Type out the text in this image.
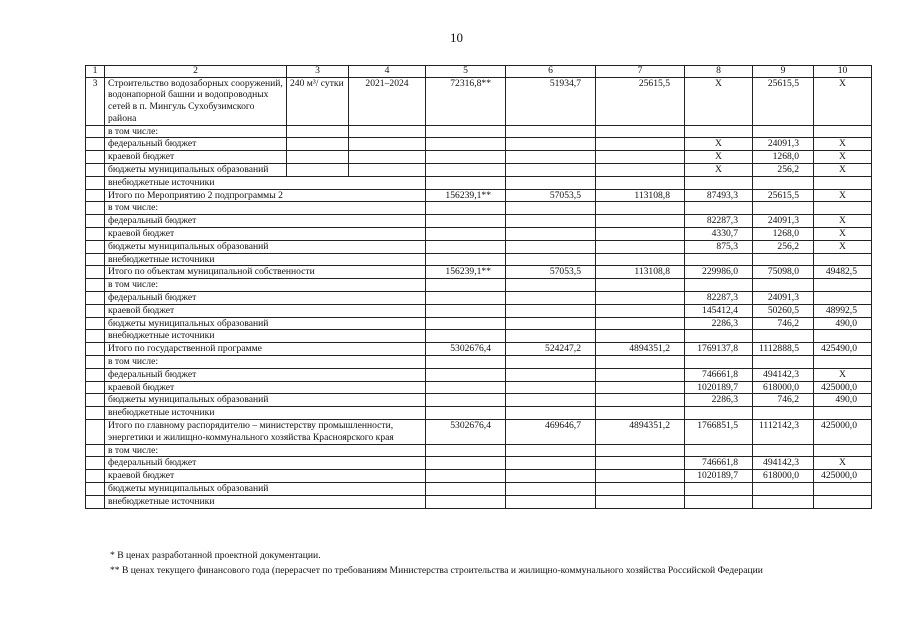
10
1	2	3	4	5	6	7	8	9	10
3	Строительство водозаборных сооружений, водонапорной башни и водопроводных сетей в п. Мингуль Сухобузимского района	240 м³/ сутки	2021–2024	72316,8**	51934,7	25615,5	X	25615,5	X
	в том числе:								
	федеральный бюджет						X	24091,3	X
	краевой бюджет						X	1268,0	X
	бюджеты муниципальных образований						X	256,2	X
	внебюджетные источники								
	Итого по Мероприятию 2 подпрограммы 2			156239,1**	57053,5	113108,8	87493,3	25615,5	X
	в том числе:								
	федеральный бюджет						82287,3	24091,3	X
	краевой бюджет						4330,7	1268,0	X
	бюджеты муниципальных образований						875,3	256,2	X
	внебюджетные источники								
	Итого по объектам муниципальной собственности			156239,1**	57053,5	113108,8	229986,0	75098,0	49482,5
	в том числе:								
	федеральный бюджет						82287,3	24091,3	
	краевой бюджет						145412,4	50260,5	48992,5
	бюджеты муниципальных образований						2286,3	746,2	490,0
	внебюджетные источники								
	Итого по государственной программе			5302676,4	524247,2	4894351,2	1769137,8	1112888,5	425490,0
	в том числе:								
	федеральный бюджет						746661,8	494142,3	X
	краевой бюджет						1020189,7	618000,0	425000,0
	бюджеты муниципальных образований						2286,3	746,2	490,0
	внебюджетные источники								
	Итого по главному распорядителю – министерству промышленности, энергетики и жилищно-коммунального хозяйства Красноярского края			5302676,4	469646,7	4894351,2	1766851,5	1112142,3	425000,0
	в том числе:								
	федеральный бюджет						746661,8	494142,3	X
	краевой бюджет						1020189,7	618000,0	425000,0
	бюджеты муниципальных образований								
	внебюджетные источники								
* В ценах разработанной проектной документации.
** В ценах текущего финансового года (перерасчет по требованиям Министерства строительства и жилищно-коммунального хозяйства Российской Федерации
